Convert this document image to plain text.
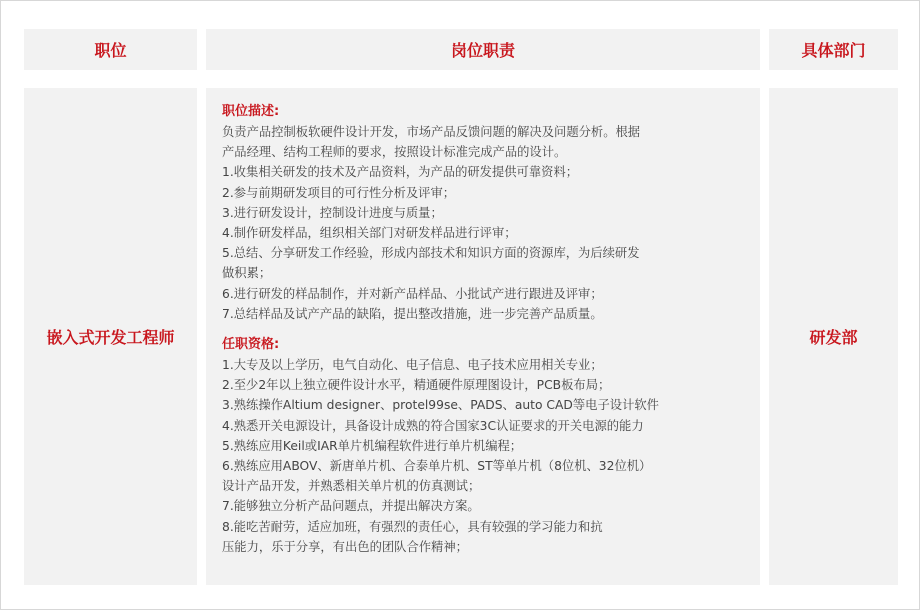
职位	岗位职责	具体部门
嵌入式开发工程师
职位描述:
负责产品控制板软硬件设计开发，市场产品反馈问题的解决及问题分析。根据
产品经理、结构工程师的要求，按照设计标准完成产品的设计。
1.收集相关研发的技术及产品资料，为产品的研发提供可靠资料；
2.参与前期研发项目的可行性分析及评审；
3.进行研发设计，控制设计进度与质量；
4.制作研发样品，组织相关部门对研发样品进行评审；
5.总结、分享研发工作经验，形成内部技术和知识方面的资源库，为后续研发
做积累；
6.进行研发的样品制作，并对新产品样品、小批试产进行跟进及评审；
7.总结样品及试产产品的缺陷，提出整改措施，进一步完善产品质量。
任职资格:
1.大专及以上学历，电气自动化、电子信息、电子技术应用相关专业；
2.至少2年以上独立硬件设计水平，精通硬件原理图设计，PCB板布局；
3.熟练操作Altium designer、protel99se、PADS、auto CAD等电子设计软件
4.熟悉开关电源设计，具备设计成熟的符合国家3C认证要求的开关电源的能力
5.熟练应用Keil或IAR单片机编程软件进行单片机编程；
6.熟练应用ABOV、新唐单片机、合泰单片机、ST等单片机（8位机、32位机）
设计产品开发，并熟悉相关单片机的仿真测试；
7.能够独立分析产品问题点，并提出解决方案。
8.能吃苦耐劳，适应加班，有强烈的责任心，具有较强的学习能力和抗
压能力，乐于分享，有出色的团队合作精神；
研发部
